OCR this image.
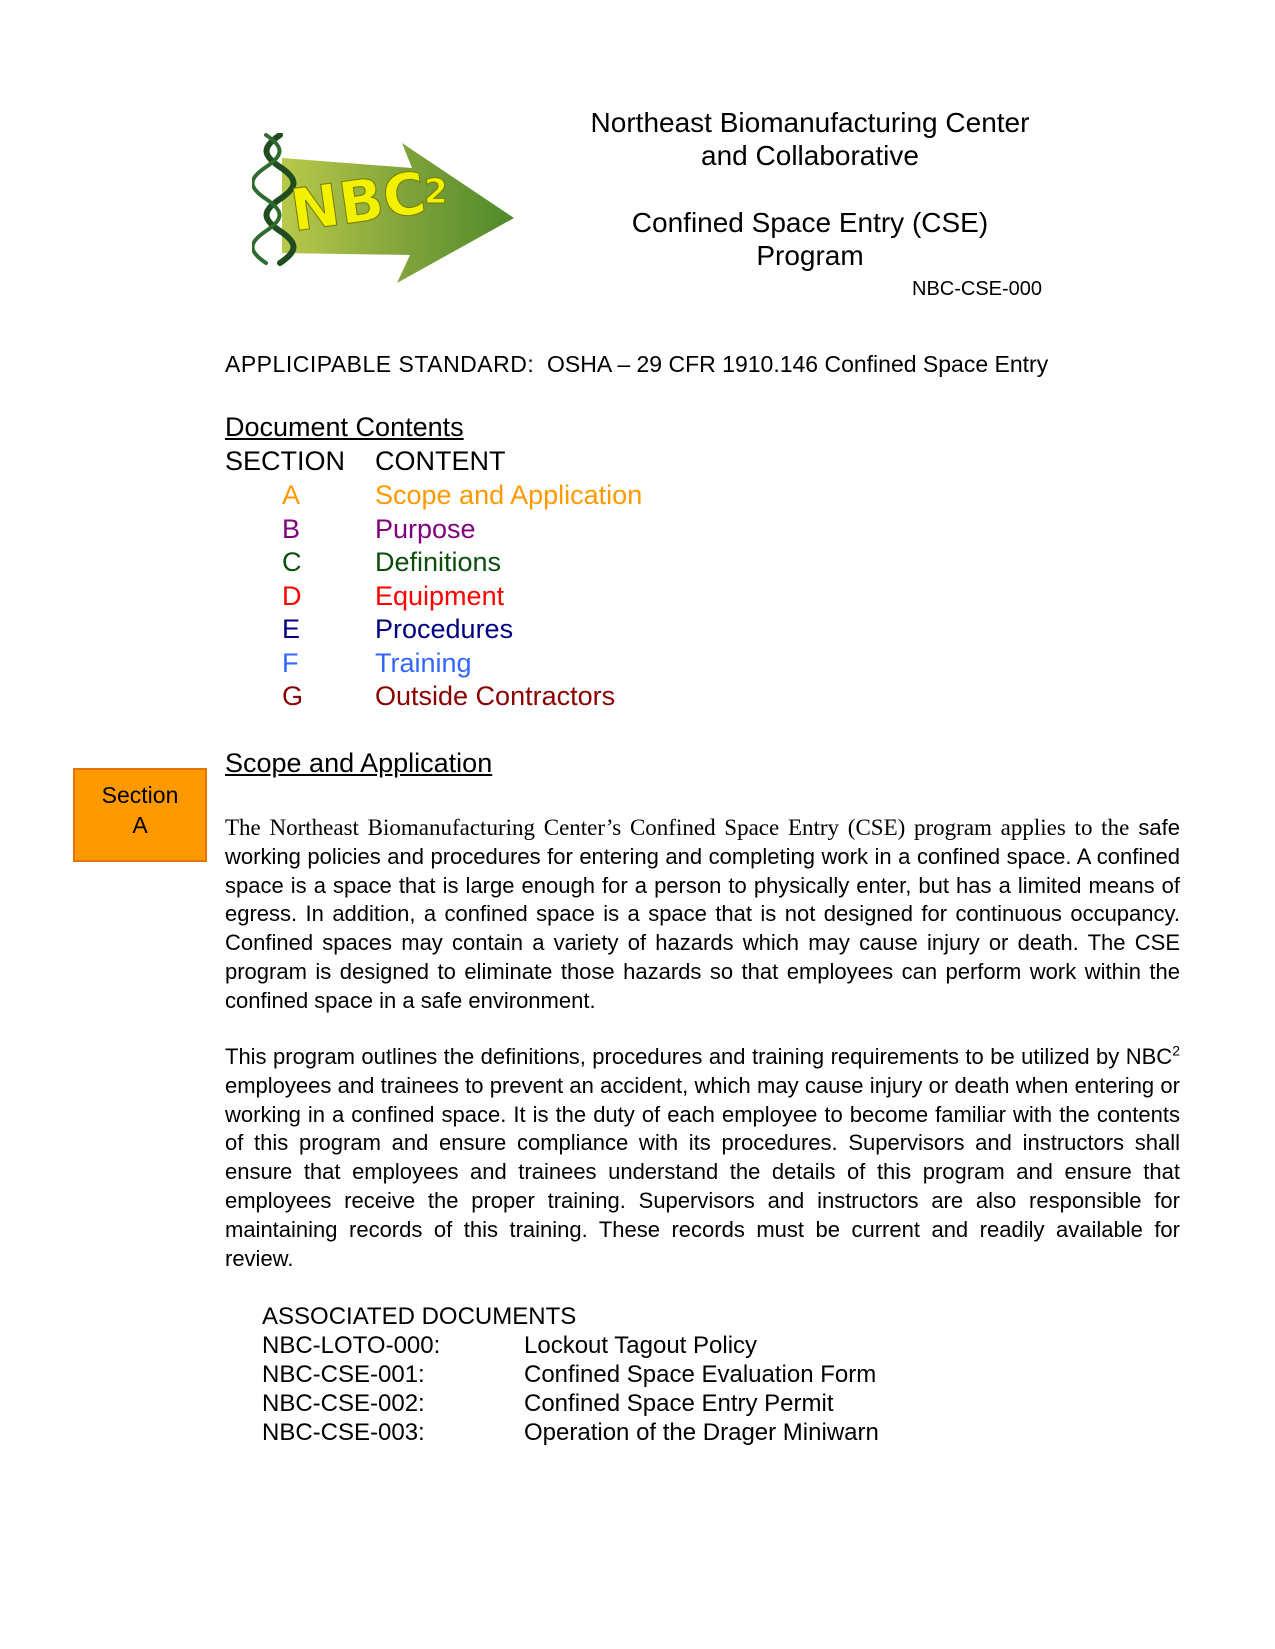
NBC
2
Northeast Biomanufacturing Center
and Collaborative
Confined Space Entry (CSE)
Program
NBC-CSE-000
APPLICIPABLE STANDARD: OSHA – 29 CFR 1910.146 Confined Space Entry
Document Contents
SECTION CONTENT
A	Scope and Application
B	Purpose
C	Definitions
D	Equipment
E	Procedures
F	Training
G	Outside Contractors
Section
A
Scope and Application
The Northeast Biomanufacturing Center’s Confined Space Entry (CSE) program applies to the safe working policies and procedures for entering and completing work in a confined space. A confined space is a space that is large enough for a person to physically enter, but has a limited means of egress. In addition, a confined space is a space that is not designed for continuous occupancy. Confined spaces may contain a variety of hazards which may cause injury or death. The CSE program is designed to eliminate those hazards so that employees can perform work within the confined space in a safe environment.
This program outlines the definitions, procedures and training requirements to be utilized by NBC$^2$ employees and trainees to prevent an accident, which may cause injury or death when entering or working in a confined space. It is the duty of each employee to become familiar with the contents of this program and ensure compliance with its procedures. Supervisors and instructors shall ensure that employees and trainees understand the details of this program and ensure that employees receive the proper training. Supervisors and instructors are also responsible for maintaining records of this training. These records must be current and readily available for review.
ASSOCIATED DOCUMENTS
NBC-LOTO-000:	Lockout Tagout Policy
NBC-CSE-001:	Confined Space Evaluation Form
NBC-CSE-002:	Confined Space Entry Permit
NBC-CSE-003:	Operation of the Drager Miniwarn
